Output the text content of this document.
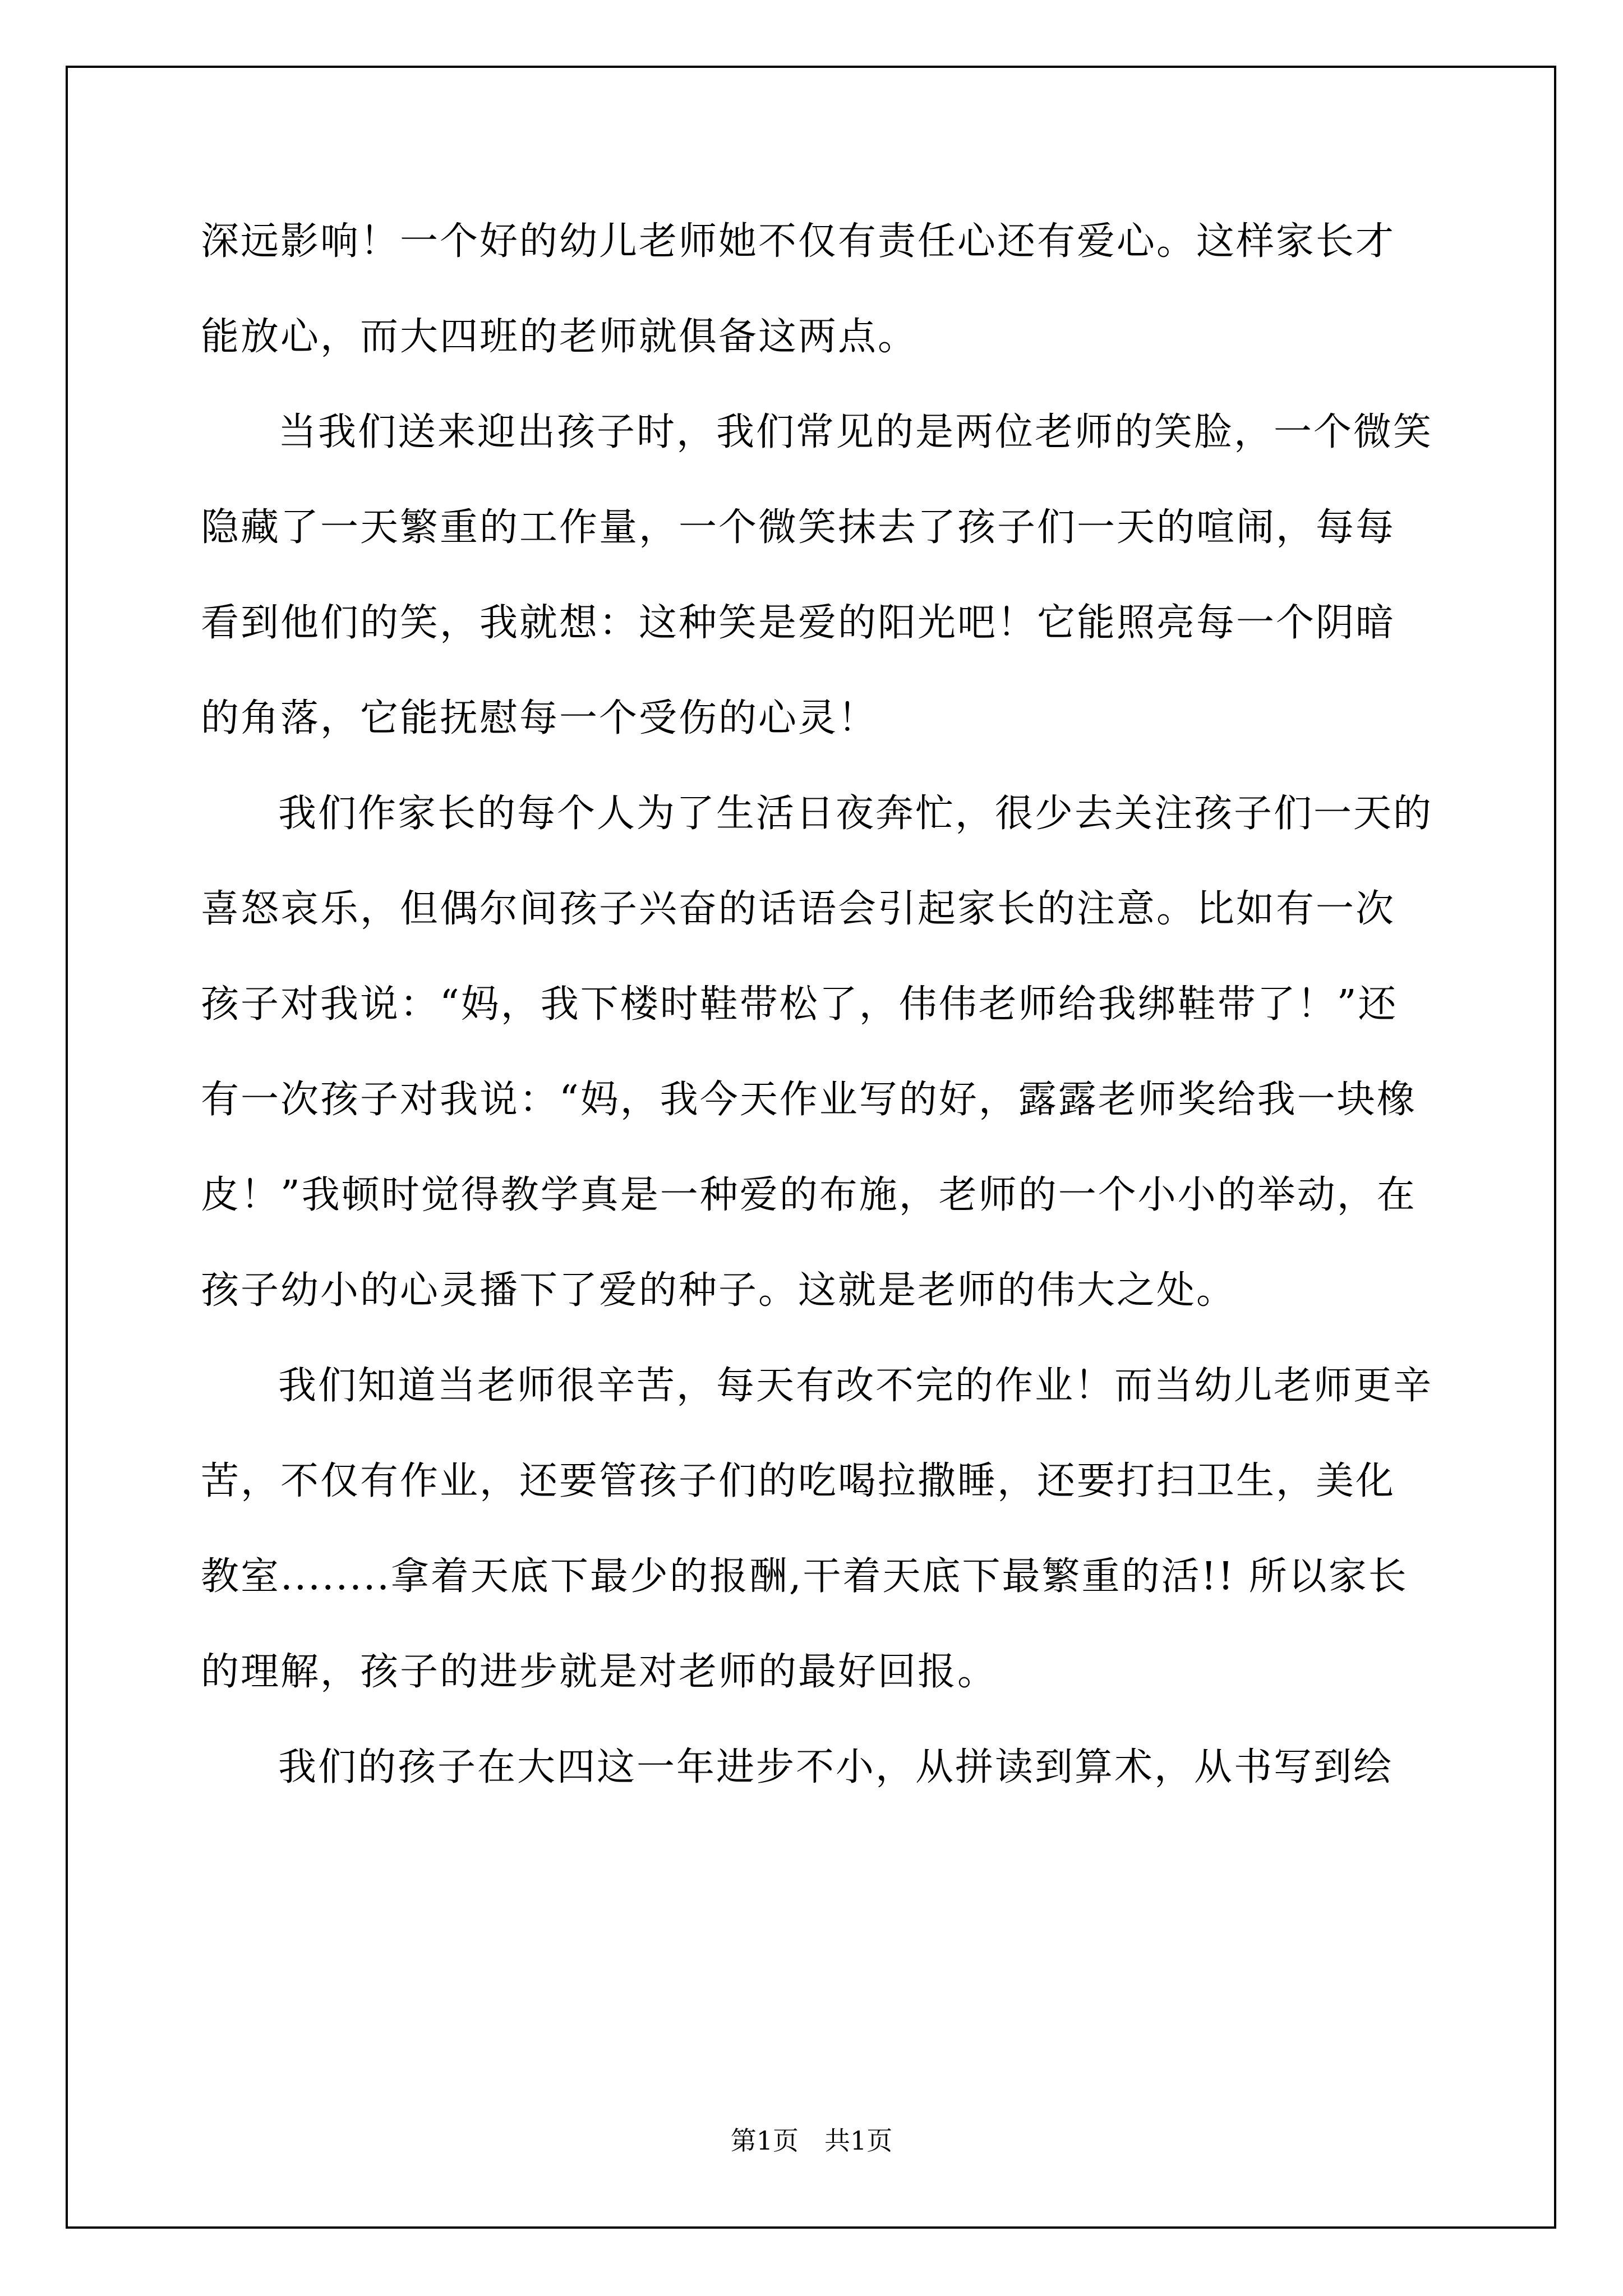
深远影响！一个好的幼儿老师她不仅有责任心还有爱心。这样家长才能放心，而大四班的老师就俱备这两点。

当我们送来迎出孩子时，我们常见的是两位老师的笑脸，一个微笑隐藏了一天繁重的工作量，一个微笑抹去了孩子们一天的喧闹，每每看到他们的笑，我就想：这种笑是爱的阳光吧！它能照亮每一个阴暗的角落，它能抚慰每一个受伤的心灵！

我们作家长的每个人为了生活日夜奔忙，很少去关注孩子们一天的喜怒哀乐，但偶尔间孩子兴奋的话语会引起家长的注意。比如有一次孩子对我说：“妈，我下楼时鞋带松了，伟伟老师给我绑鞋带了！”还有一次孩子对我说：“妈，我今天作业写的好，露露老师奖给我一块橡皮！”我顿时觉得教学真是一种爱的布施，老师的一个小小的举动，在孩子幼小的心灵播下了爱的种子。这就是老师的伟大之处。

我们知道当老师很辛苦，每天有改不完的作业！而当幼儿老师更辛苦，不仅有作业，还要管孩子们的吃喝拉撒睡，还要打扫卫生，美化教室........拿着天底下最少的报酬,干着天底下最繁重的活!! 所以家长的理解，孩子的进步就是对老师的最好回报。

我们的孩子在大四这一年进步不小，从拼读到算术，从书写到绘

第1页　共1页
